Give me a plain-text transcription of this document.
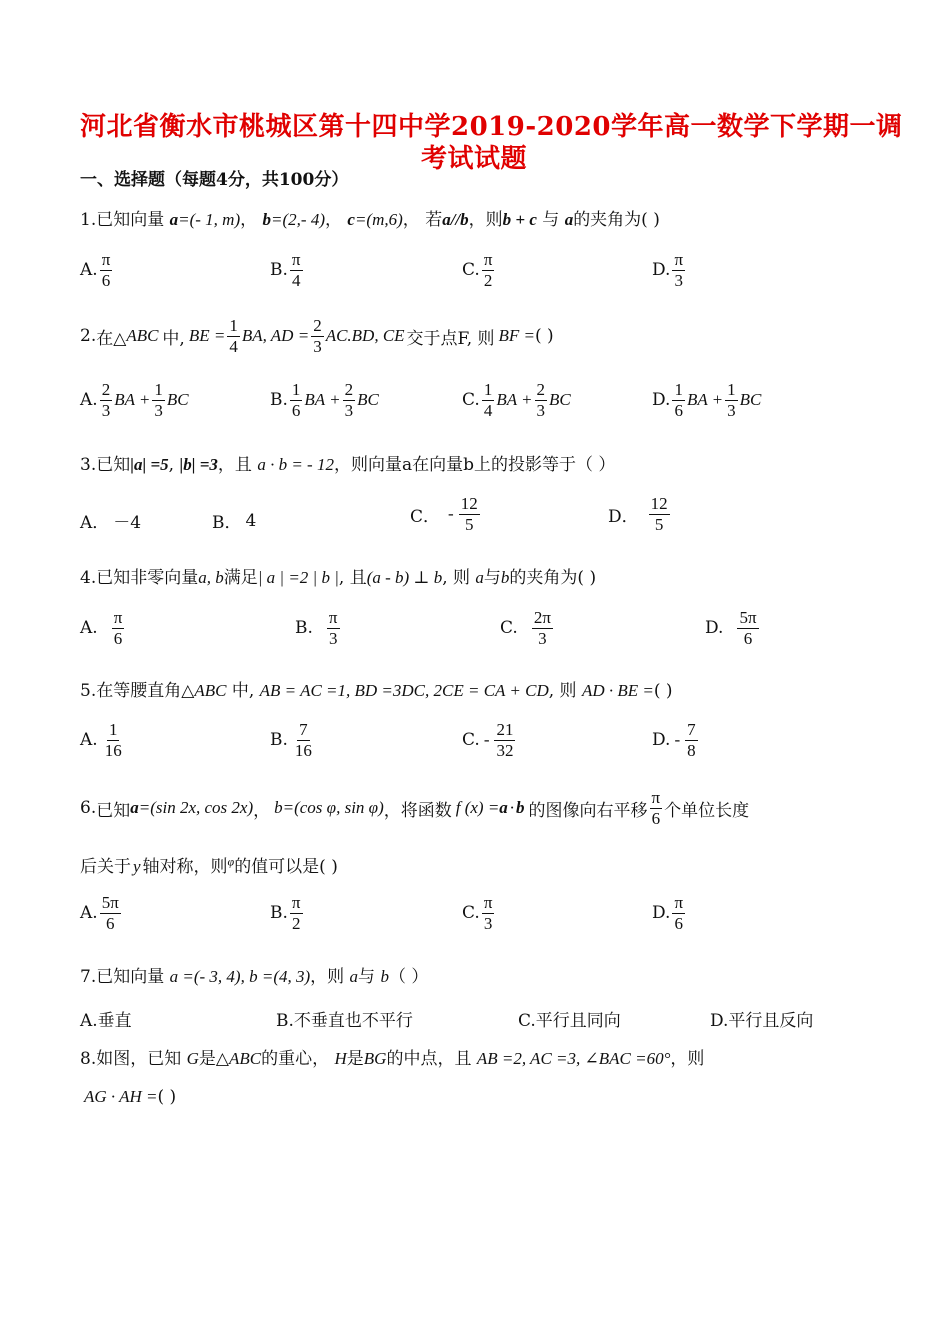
河北省衡水市桃城区第十四中学2019-2020学年高一数学下学期一调
考试试题
一、选择题（每题4分，共100分）
1.已知向量 a=(- 1, m)， b=(2,- 4)， c=(m,6)， 若a//b，则b + c 与 a的夹角为( )
A. $\frac{\pi}{6}$	B. $\frac{\pi}{4}$	C. $\frac{\pi}{2}$	D. $\frac{\pi}{3}$
2. 在△ ABC 中, BE = $\frac{1}{4}$ BA, AD = $\frac{2}{3} AC.BD$, CE 交于点F, 则 BF = ( )
A. $\frac{2}{3}$ BA + $\frac{1}{3}$ BC	B. $\frac{1}{6}$ BA + $\frac{2}{3}$ BC	C. $\frac{1}{4}$ BA + $\frac{2}{3}$ BC	D. $\frac{1}{6}$ BA + $\frac{1}{3}$ BC
3.已知|a| =5, |b| =3，且 a · b = - 12，则向量a在向量b上的投影等于（ ）
A． －4	B． 4	C． - $\frac{12}{5}$	D． $\frac{12}{5}$
4.已知非零向量a, b满足| a | =2 | b |, 且(a - b) ⊥ b, 则 a与b的夹角为( )
A. $\frac{\pi}{6}$	B. $\frac{\pi}{3}$	C. $\frac{2\pi}{3}$	D. $\frac{5\pi}{6}$
5.在等腰直角△ABC 中, AB = AC =1, BD =3DC, 2CE = CA + CD, 则 AD · BE =( )
A. $\frac{1}{16}$	B. $\frac{7}{16}$	C. - $\frac{21}{32}$	D. - $\frac{7}{8}$
6. 已知 a =(sin 2x, cos 2x) ， b =(cos φ, sin φ) ，将函数 f (x) = a · b 的图像向右平移 $\frac{\pi}{6}$ 个单位长度
后关于 y 轴对称，则$^\varphi$的值可以是( )
A. $\frac{5\pi}{6}$	B. $\frac{\pi}{2}$	C. $\frac{\pi}{3}$	D. $\frac{\pi}{6}$
7.已知向量 a =(- 3, 4), b =(4, 3)，则 a与 b（ ）
A.垂直	B.不垂直也不平行	C.平行且同向	D.平行且反向
8.如图，已知 G是△ABC的重心， H是BG的中点，且 AB =2, AC =3, ∠BAC =60°，则
AG · AH =( )
